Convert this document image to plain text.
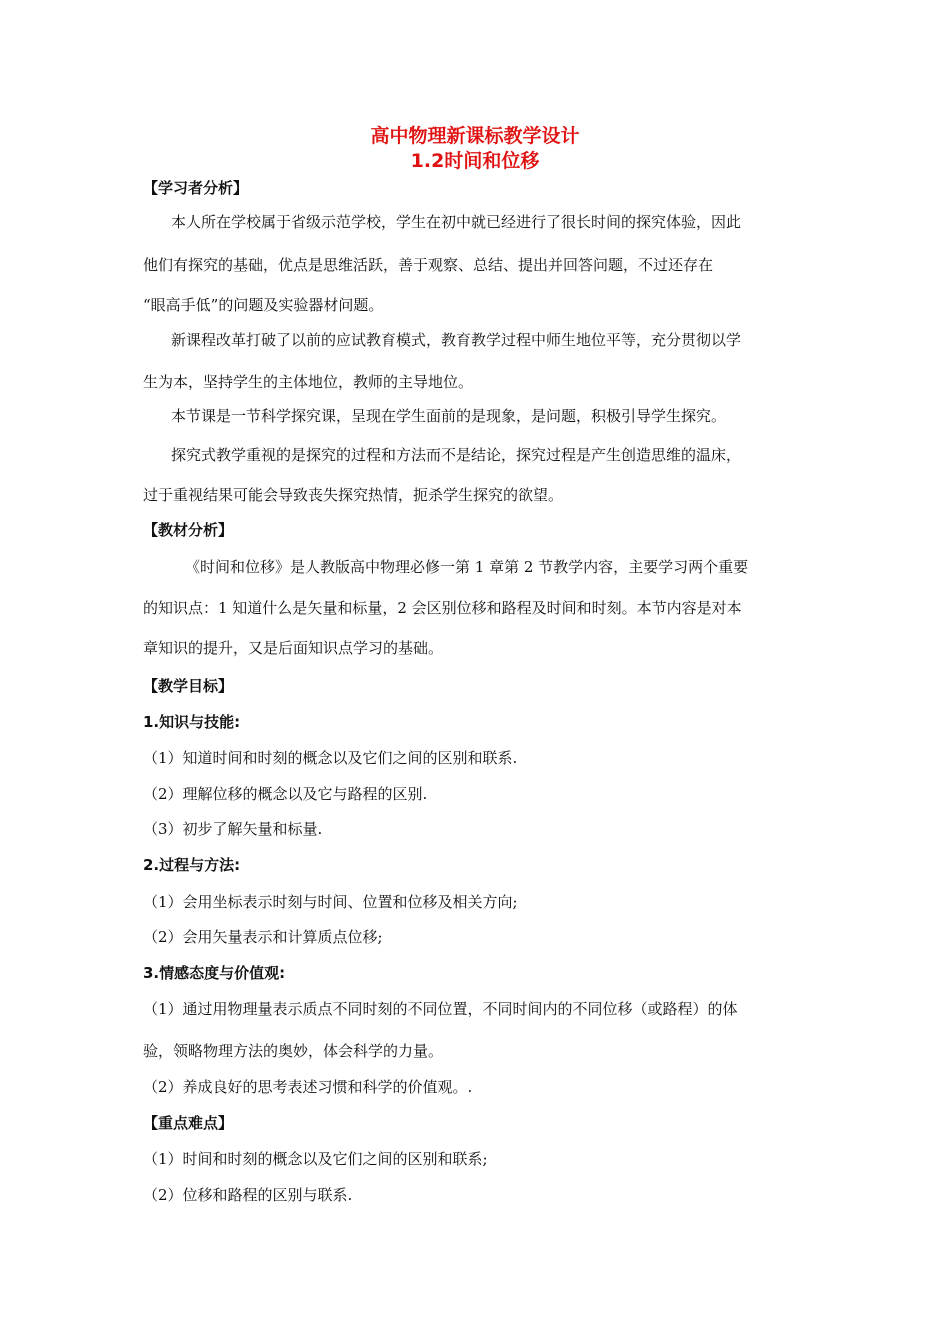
高中物理新课标教学设计
1.2时间和位移
【学习者分析】
本人所在学校属于省级示范学校，学生在初中就已经进行了很长时间的探究体验，因此
他们有探究的基础，优点是思维活跃，善于观察、总结、提出并回答问题，不过还存在
“眼高手低”的问题及实验器材问题。
新课程改革打破了以前的应试教育模式，教育教学过程中师生地位平等，充分贯彻以学
生为本，坚持学生的主体地位，教师的主导地位。
本节课是一节科学探究课，呈现在学生面前的是现象，是问题，积极引导学生探究。
探究式教学重视的是探究的过程和方法而不是结论，探究过程是产生创造思维的温床，
过于重视结果可能会导致丧失探究热情，扼杀学生探究的欲望。
【教材分析】
《时间和位移》是人教版高中物理必修一第 1 章第 2 节教学内容，主要学习两个重要
的知识点：1 知道什么是矢量和标量，2 会区别位移和路程及时间和时刻。本节内容是对本
章知识的提升，又是后面知识点学习的基础。
【教学目标】
1.知识与技能:
（1）知道时间和时刻的概念以及它们之间的区别和联系.
（2）理解位移的概念以及它与路程的区别.
（3）初步了解矢量和标量.
2.过程与方法:
（1）会用坐标表示时刻与时间、位置和位移及相关方向;
（2）会用矢量表示和计算质点位移;
3.情感态度与价值观:
（1）通过用物理量表示质点不同时刻的不同位置，不同时间内的不同位移（或路程）的体
验，领略物理方法的奥妙，体会科学的力量。
（2）养成良好的思考表述习惯和科学的价值观。.
【重点难点】
（1）时间和时刻的概念以及它们之间的区别和联系;
（2）位移和路程的区别与联系.
